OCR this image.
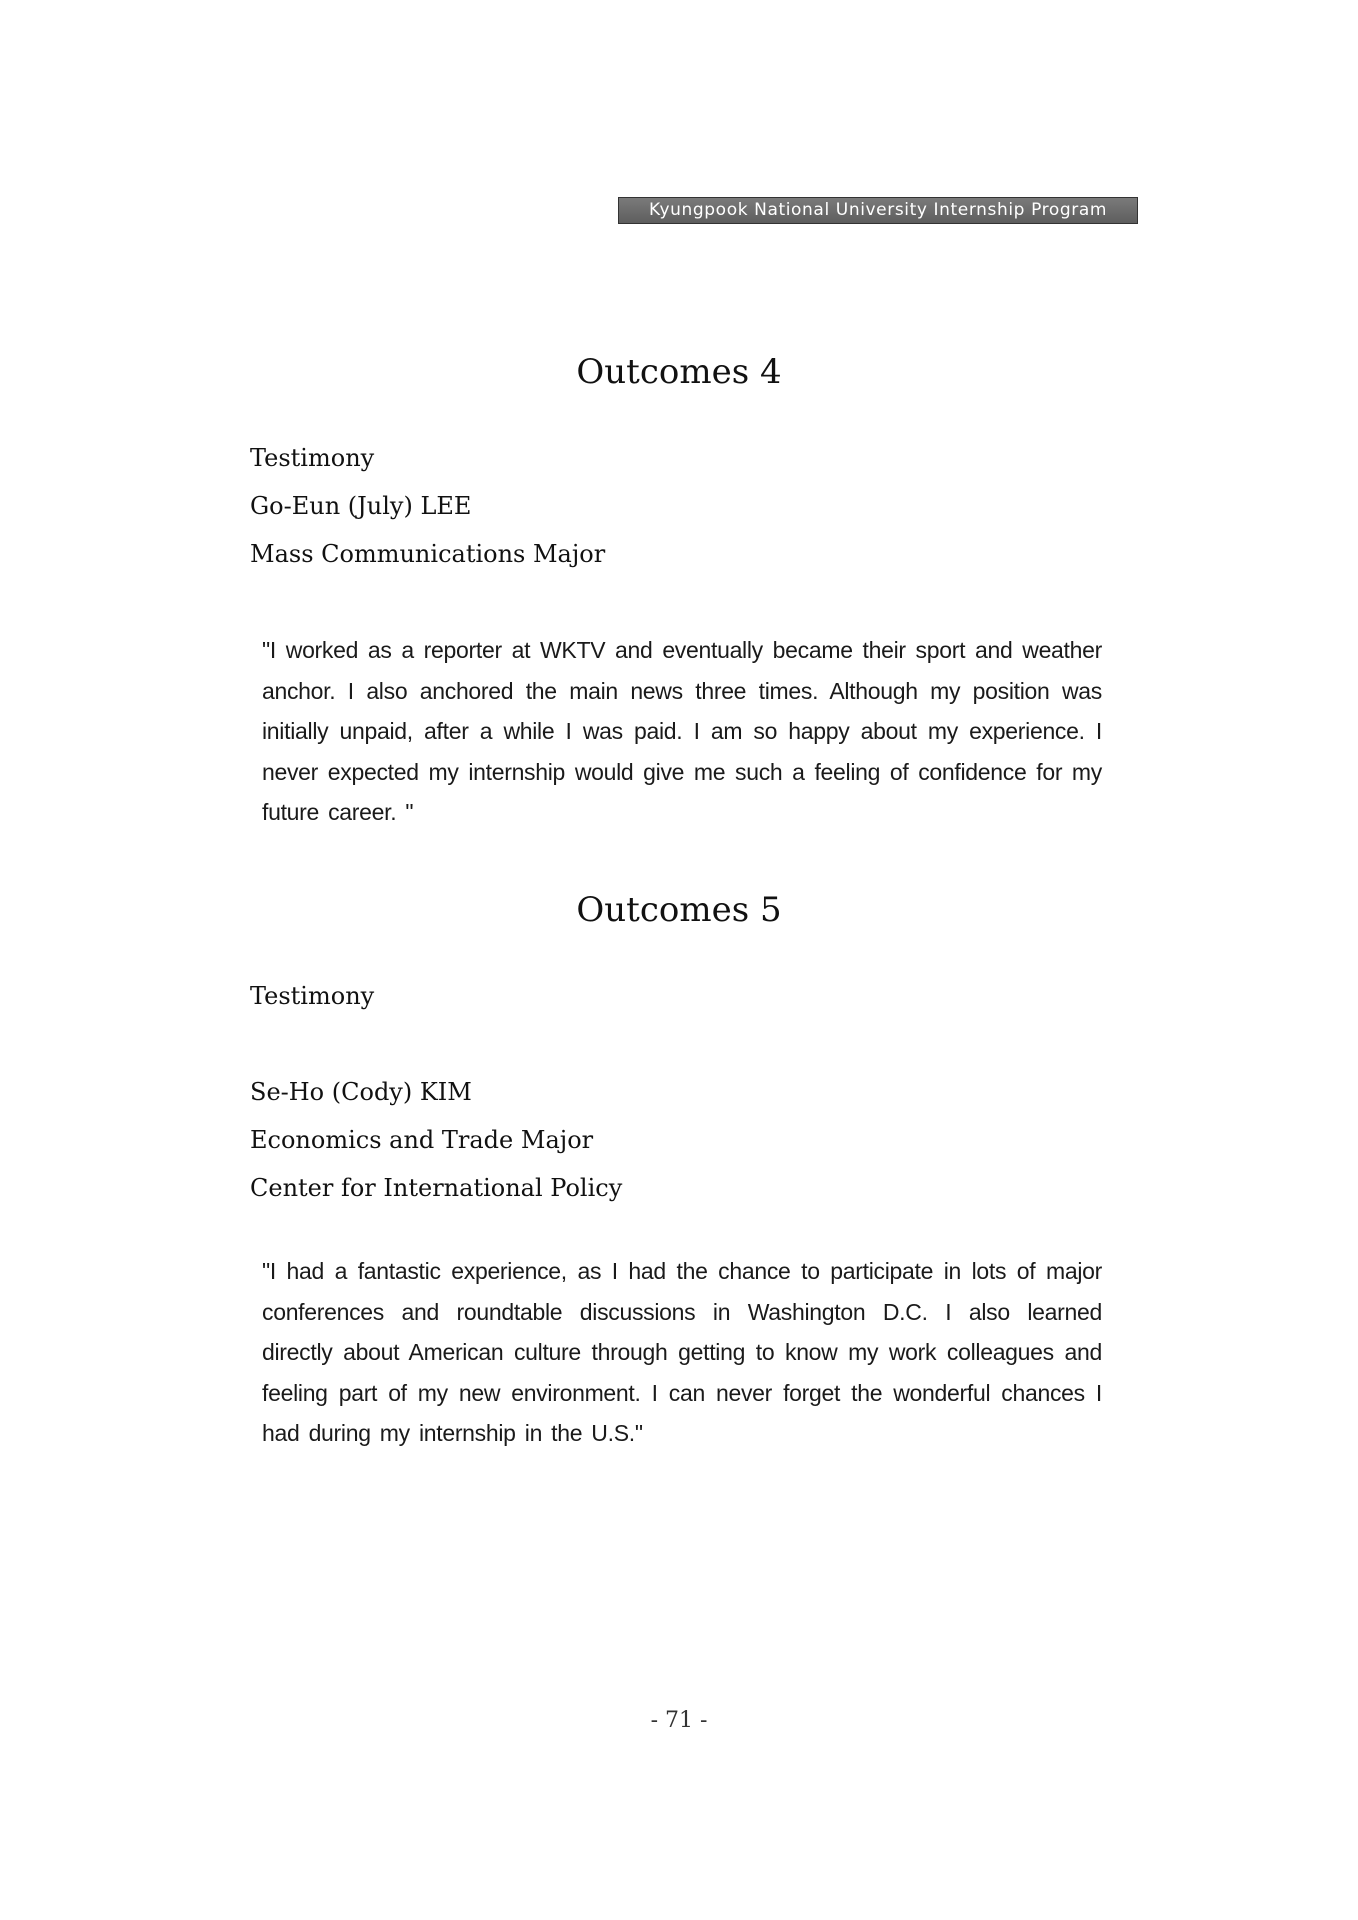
Kyungpook National University Internship Program
Outcomes 4
Testimony
Go-Eun (July) LEE
Mass Communications Major

"I worked as a reporter at WKTV and eventually became their sport and weather anchor. I also anchored the main news three times. Although my position was initially unpaid, after a while I was paid. I am so happy about my experience. I never expected my internship would give me such a feeling of confidence for my future career. "

Outcomes 5
Testimony
Se-Ho (Cody) KIM
Economics and Trade Major
Center for International Policy

"I had a fantastic experience, as I had the chance to participate in lots of major conferences and roundtable discussions in Washington D.C. I also learned directly about American culture through getting to know my work colleagues and feeling part of my new environment. I can never forget the wonderful chances I had during my internship in the U.S."

- 71 -
